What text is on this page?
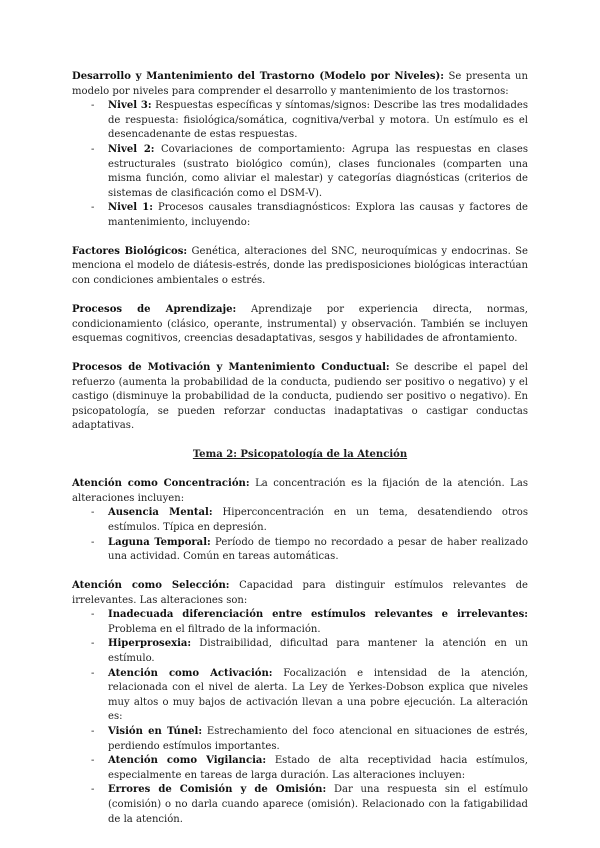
Desarrollo y Mantenimiento del Trastorno (Modelo por Niveles): Se presenta un modelo por niveles para comprender el desarrollo y mantenimiento de los trastornos:

- Nivel 3: Respuestas específicas y síntomas/signos: Describe las tres modalidades de respuesta: fisiológica/somática, cognitiva/verbal y motora. Un estímulo es el desencadenante de estas respuestas.
- Nivel 2: Covariaciones de comportamiento: Agrupa las respuestas en clases estructurales (sustrato biológico común), clases funcionales (comparten una misma función, como aliviar el malestar) y categorías diagnósticas (criterios de sistemas de clasificación como el DSM-V).
- Nivel 1: Procesos causales transdiagnósticos: Explora las causas y factores de mantenimiento, incluyendo:

Factores Biológicos: Genética, alteraciones del SNC, neuroquímicas y endocrinas. Se menciona el modelo de diátesis-estrés, donde las predisposiciones biológicas interactúan con condiciones ambientales o estrés.

Procesos de Aprendizaje: Aprendizaje por experiencia directa, normas, condicionamiento (clásico, operante, instrumental) y observación. También se incluyen esquemas cognitivos, creencias desadaptativas, sesgos y habilidades de afrontamiento.

Procesos de Motivación y Mantenimiento Conductual: Se describe el papel del refuerzo (aumenta la probabilidad de la conducta, pudiendo ser positivo o negativo) y el castigo (disminuye la probabilidad de la conducta, pudiendo ser positivo o negativo). En psicopatología, se pueden reforzar conductas inadaptativas o castigar conductas adaptativas.

Tema 2: Psicopatología de la Atención

Atención como Concentración: La concentración es la fijación de la atención. Las alteraciones incluyen:

- Ausencia Mental: Hiperconcentración en un tema, desatendiendo otros estímulos. Típica en depresión.
- Laguna Temporal: Período de tiempo no recordado a pesar de haber realizado una actividad. Común en tareas automáticas.

Atención como Selección: Capacidad para distinguir estímulos relevantes de irrelevantes. Las alteraciones son:

- Inadecuada diferenciación entre estímulos relevantes e irrelevantes: Problema en el filtrado de la información.
- Hiperprosexia: Distraibilidad, dificultad para mantener la atención en un estímulo.
- Atención como Activación: Focalización e intensidad de la atención, relacionada con el nivel de alerta. La Ley de Yerkes-Dobson explica que niveles muy altos o muy bajos de activación llevan a una pobre ejecución. La alteración es:
- Visión en Túnel: Estrechamiento del foco atencional en situaciones de estrés, perdiendo estímulos importantes.
- Atención como Vigilancia: Estado de alta receptividad hacia estímulos, especialmente en tareas de larga duración. Las alteraciones incluyen:
- Errores de Comisión y de Omisión: Dar una respuesta sin el estímulo (comisión) o no darla cuando aparece (omisión). Relacionado con la fatigabilidad de la atención.
